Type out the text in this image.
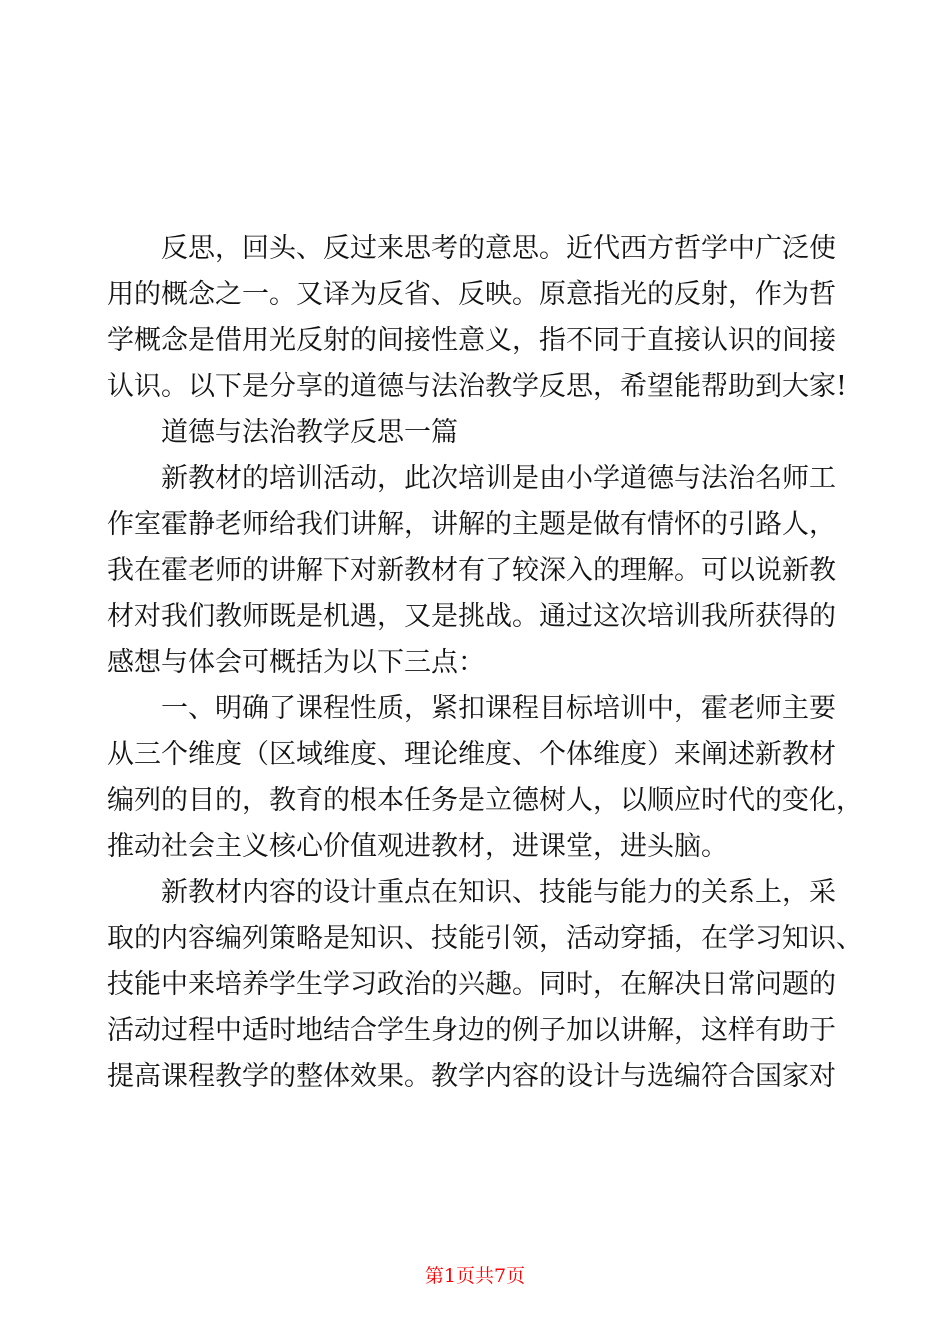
反思，回头、反过来思考的意思。近代西方哲学中广泛使
用的概念之一。又译为反省、反映。原意指光的反射，作为哲
学概念是借用光反射的间接性意义，指不同于直接认识的间接
认识。以下是分享的道德与法治教学反思，希望能帮助到大家!
道德与法治教学反思一篇
新教材的培训活动，此次培训是由小学道德与法治名师工
作室霍静老师给我们讲解，讲解的主题是做有情怀的引路人，
我在霍老师的讲解下对新教材有了较深入的理解。可以说新教
材对我们教师既是机遇，又是挑战。通过这次培训我所获得的
感想与体会可概括为以下三点：
一、明确了课程性质，紧扣课程目标培训中，霍老师主要
从三个维度（区域维度、理论维度、个体维度）来阐述新教材
编列的目的，教育的根本任务是立德树人，以顺应时代的变化，
推动社会主义核心价值观进教材，进课堂，进头脑。
新教材内容的设计重点在知识、技能与能力的关系上，采
取的内容编列策略是知识、技能引领，活动穿插，在学习知识、
技能中来培养学生学习政治的兴趣。同时，在解决日常问题的
活动过程中适时地结合学生身边的例子加以讲解，这样有助于
提高课程教学的整体效果。教学内容的设计与选编符合国家对
第1页共7页
